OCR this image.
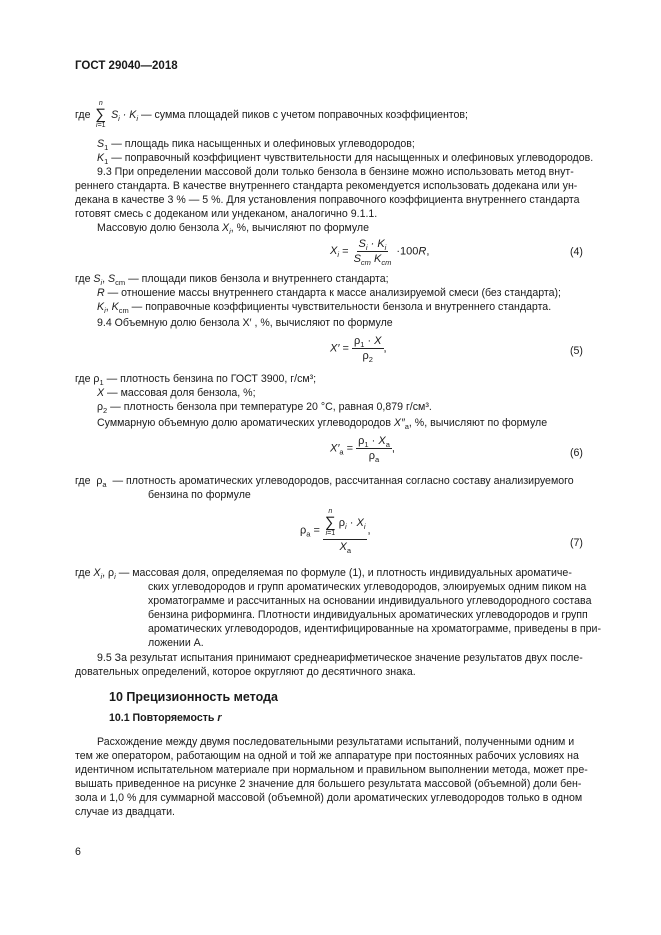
ГОСТ 29040—2018
где
n
∑
i=1
$S_i \cdot K_i$ — сумма площадей пиков с учетом поправочных коэффициентов;
$S_1$ — площадь пика насыщенных и олефиновых углеводородов;
$K_1$ — поправочный коэффициент чувствительности для насыщенных и олефиновых углеводородов.
9.3 При определении массовой доли только бензола в бензине можно использовать метод внут-
реннего стандарта. В качестве внутреннего стандарта рекомендуется использовать додекана или ун-
декана в качестве 3 % — 5 %. Для установления поправочного коэффициента внутреннего стандарта
готовят смесь с додеканом или ундеканом, аналогично 9.1.1.
Массовую долю бензола $X_i$, %, вычисляют по формуле
$X_i = \frac{S_i \cdot K_i}{S_{cm} K_{cm}} \cdot 100R$,	(4)
где $S_i$, $S_{cm}$ — площади пиков бензола и внутреннего стандарта;
R — отношение массы внутреннего стандарта к массе анализируемой смеси (без стандарта);
$K_i$, $K_{cm}$ — поправочные коэффициенты чувствительности бензола и внутреннего стандарта.
9.4 Объемную долю бензола X′ , %, вычисляют по формуле
$X' = \frac{\rho_1 \cdot X}{\rho_2}$ ,	(5)
где $\rho_1$ — плотность бензина по ГОСТ 3900, г/см³;
X — массовая доля бензола, %;
$\rho_2$ — плотность бензола при температуре 20 °С, равная 0,879 г/см³.
Суммарную объемную долю ароматических углеводородов $X''_a$, %, вычисляют по формуле
$X'_a = \frac{\rho_1 \cdot X_a}{\rho_a}$ ,	(6)
где  $\rho_a$ — плотность ароматических углеводородов, рассчитанная согласно составу анализируемого
бензина по формуле
$\rho_a = n$
∑
i=1
$\rho_i \cdot X_i$
$X_a$ ,
(7)
где $X_i$, $\rho_i$ — массовая доля, определяемая по формуле (1), и плотность индивидуальных ароматиче-
ских углеводородов и групп ароматических углеводородов, элюируемых одним пиком на
хроматограмме и рассчитанных на основании индивидуального углеводородного состава
бензина риформинга. Плотности индивидуальных ароматических углеводородов и групп
ароматических углеводородов, идентифицированные на хроматограмме, приведены в при-
ложении А.
9.5 За результат испытания принимают среднеарифметическое значение результатов двух после-
довательных определений, которое округляют до десятичного знака.
10 Прецизионность метода
10.1 Повторяемость r
Расхождение между двумя последовательными результатами испытаний, полученными одним и
тем же оператором, работающим на одной и той же аппаратуре при постоянных рабочих условиях на
идентичном испытательном материале при нормальном и правильном выполнении метода, может пре-
вышать приведенное на рисунке 2 значение для большего результата массовой (объемной) доли бен-
зола и 1,0 % для суммарной массовой (объемной) доли ароматических углеводородов только в одном
случае из двадцати.
6
